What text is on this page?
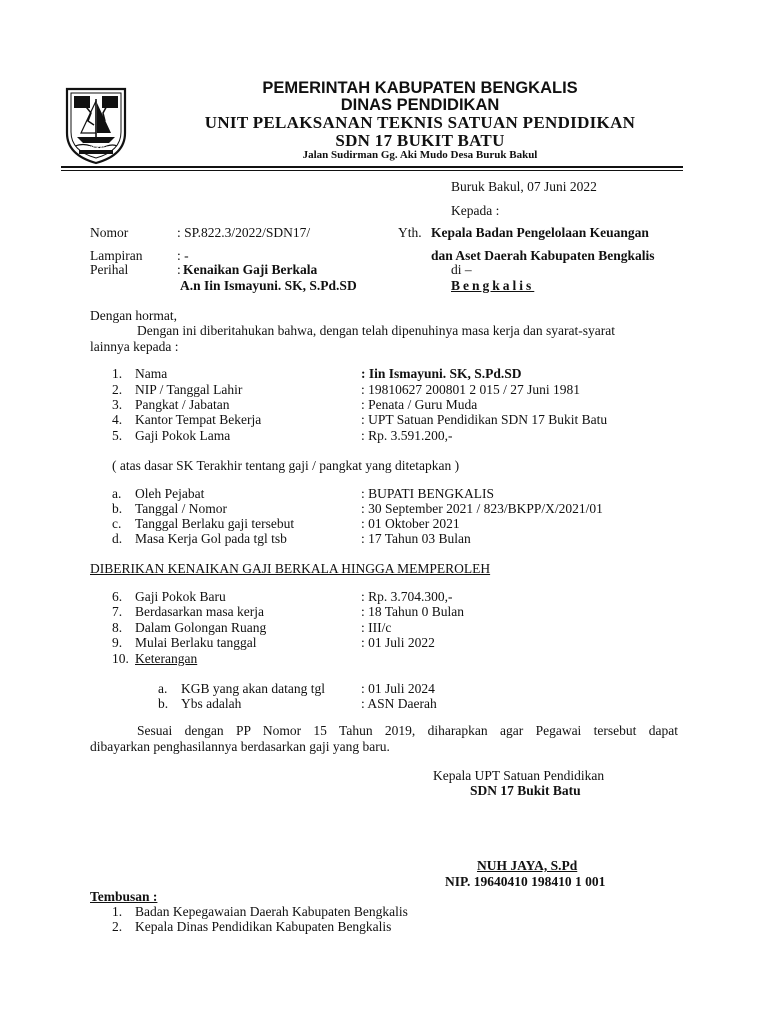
BENGKALIS
PEMERINTAH KABUPATEN BENGKALIS
DINAS PENDIDIKAN
UNIT PELAKSANAN TEKNIS SATUAN PENDIDIKAN
SDN 17 BUKIT BATU
Jalan Sudirman Gg. Aki Mudo Desa Buruk Bakul
Buruk Bakul, 07 Juni 2022
Kepada :
Nomor	: SP.822.3/2022/SDN17/	Yth. Kepala Badan Pengelolaan Keuangan
Lampiran	: -	dan Aset Daerah Kabupaten Bengkalis
Perihal	: Kenaikan Gaji Berkala	di –
A.n Iin Ismayuni. SK, S.Pd.SD	Bengkalis
Dengan hormat,
Dengan ini diberitahukan bahwa, dengan telah dipenuhinya masa kerja dan syarat-syarat
lainnya kepada :
1. Nama	: Iin Ismayuni. SK, S.Pd.SD
2. NIP / Tanggal Lahir	: 19810627 200801 2 015 / 27 Juni 1981
3. Pangkat / Jabatan	: Penata / Guru Muda
4. Kantor Tempat Bekerja	: UPT Satuan Pendidikan SDN 17 Bukit Batu
5. Gaji Pokok Lama	: Rp. 3.591.200,-
( atas dasar SK Terakhir tentang gaji / pangkat yang ditetapkan )
a. Oleh Pejabat	: BUPATI BENGKALIS
b. Tanggal / Nomor	: 30 September 2021 / 823/BKPP/X/2021/01
c. Tanggal Berlaku gaji tersebut	: 01 Oktober 2021
d. Masa Kerja Gol pada tgl tsb	: 17 Tahun 03 Bulan
DIBERIKAN KENAIKAN GAJI BERKALA HINGGA MEMPEROLEH
6. Gaji Pokok Baru	: Rp. 3.704.300,-
7. Berdasarkan masa kerja	: 18 Tahun 0 Bulan
8. Dalam Golongan Ruang	: III/c
9. Mulai Berlaku tanggal	: 01 Juli 2022
10. Keterangan
a. KGB yang akan datang tgl	: 01 Juli 2024
b. Ybs adalah	: ASN Daerah
Sesuai dengan PP Nomor 15 Tahun 2019, diharapkan agar Pegawai tersebut dapat
dibayarkan penghasilannya berdasarkan gaji yang baru.
Kepala UPT Satuan Pendidikan
SDN 17 Bukit Batu
NUH JAYA, S.Pd
NIP. 19640410 198410 1 001
Tembusan :
1. Badan Kepegawaian Daerah Kabupaten Bengkalis
2. Kepala Dinas Pendidikan Kabupaten Bengkalis
